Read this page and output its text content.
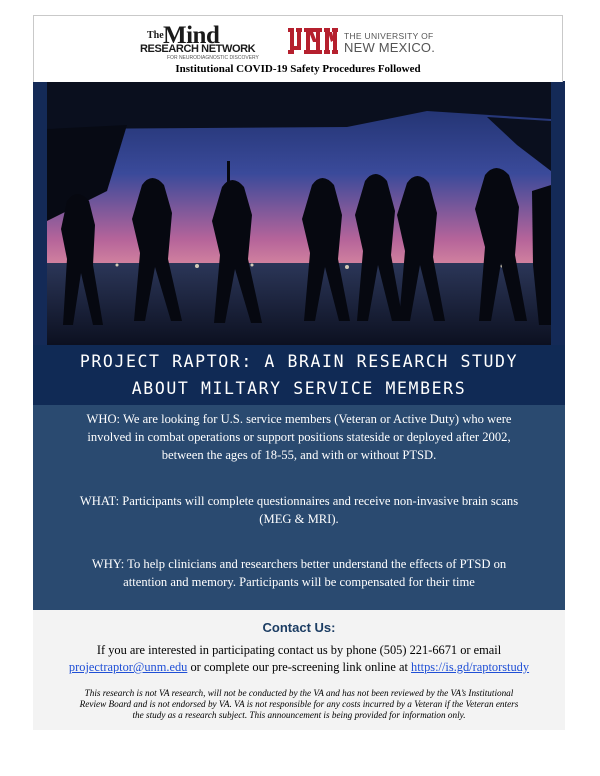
The Mind
RESEARCH NETWORK
FOR NEURODIAGNOSTIC DISCOVERY
THE UNIVERSITY OF
NEW MEXICO.
Institutional COVID-19 Safety Procedures Followed
PROJECT RAPTOR: A BRAIN RESEARCH STUDY
ABOUT MILTARY SERVICE MEMBERS

WHO: We are looking for U.S. service members (Veteran or Active Duty) who were
involved in combat operations or support positions stateside or deployed after 2002,
between the ages of 18-55, and with or without PTSD.

WHAT: Participants will complete questionnaires and receive non-invasive brain scans
(MEG & MRI).

WHY: To help clinicians and researchers better understand the effects of PTSD on
attention and memory. Participants will be compensated for their time

Contact Us:
If you are interested in participating contact us by phone (505) 221-6671 or email
projectraptor@unm.edu or complete our pre-screening link online at https://is.gd/raptorstudy
This research is not VA research, will not be conducted by the VA and has not been reviewed by the VA’s Institutional
Review Board and is not endorsed by VA. VA is not responsible for any costs incurred by a Veteran if the Veteran enters
the study as a research subject. This announcement is being provided for information only.
